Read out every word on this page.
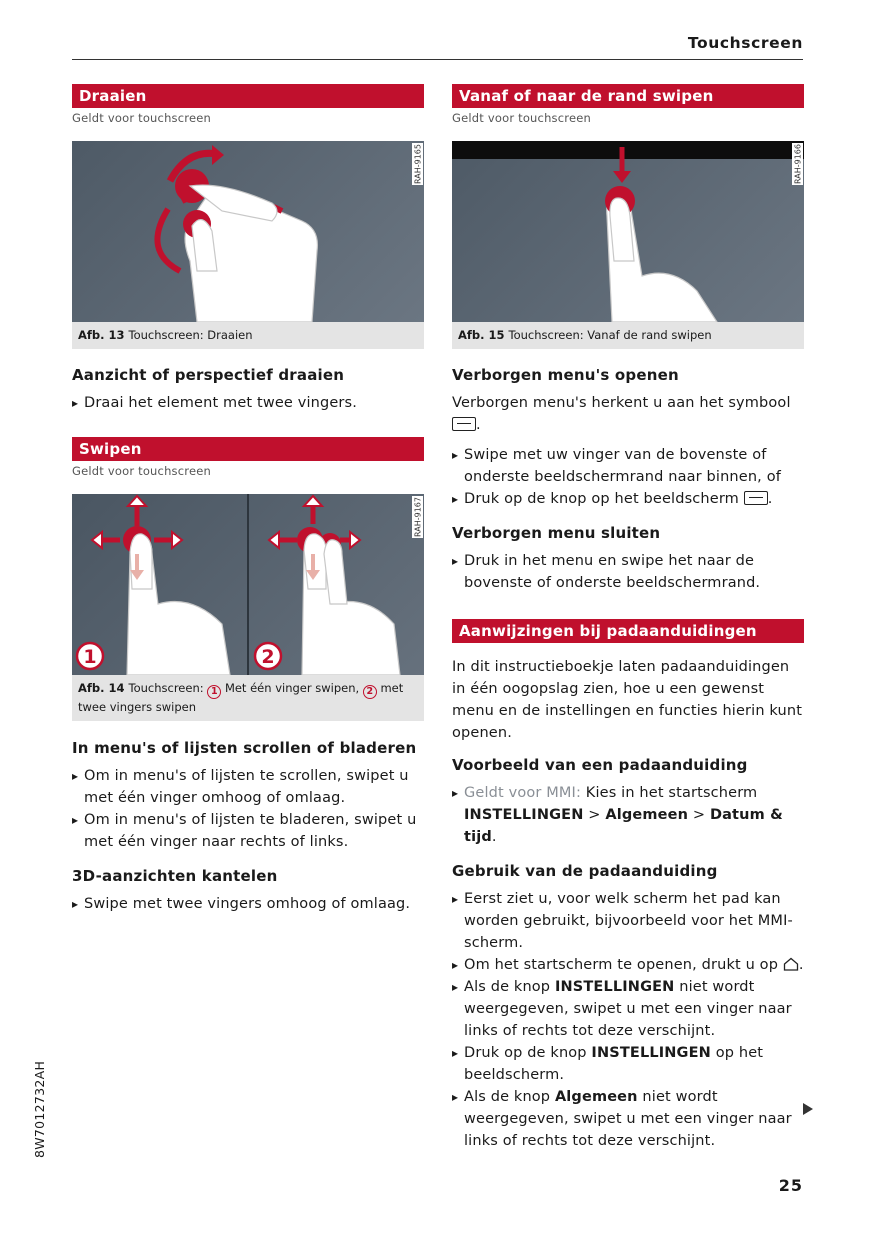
Touchscreen
Draaien
Geldt voor touchscreen
RAH-9165
Afb. 13 Touchscreen: Draaien
Aanzicht of perspectief draaien
▸ Draai het element met twee vingers.
Swipen
Geldt voor touchscreen
1	2
RAH-9167
Afb. 14 Touchscreen: 1 Met één vinger swipen, 2 met twee vingers swipen
In menu's of lijsten scrollen of bladeren
▸ Om in menu's of lijsten te scrollen, swipet u met één vinger omhoog of omlaag.
▸ Om in menu's of lijsten te bladeren, swipet u met één vinger naar rechts of links.
3D-aanzichten kantelen
▸ Swipe met twee vingers omhoog of omlaag.
Vanaf of naar de rand swipen
Geldt voor touchscreen
RAH-9166
Afb. 15 Touchscreen: Vanaf de rand swipen
Verborgen menu's openen

Verborgen menu's herkent u aan het symbool .

▸ Swipe met uw vinger van de bovenste of onderste beeldschermrand naar binnen, of
▸ Druk op de knop op het beeldscherm .
Verborgen menu sluiten
▸ Druk in het menu en swipe het naar de bovenste of onderste beeldschermrand.
Aanwijzingen bij padaanduidingen

In dit instructieboekje laten padaanduidingen in één oogopslag zien, hoe u een gewenst menu en de instellingen en functies hierin kunt openen.

Voorbeeld van een padaanduiding
▸ Geldt voor MMI: Kies in het startscherm INSTELLINGEN > Algemeen > Datum & tijd.
Gebruik van de padaanduiding
▸ Eerst ziet u, voor welk scherm het pad kan worden gebruikt, bijvoorbeeld voor het MMI-scherm.
▸ Om het startscherm te openen, drukt u op .
▸ Als de knop INSTELLINGEN niet wordt weergegeven, swipet u met een vinger naar links of rechts tot deze verschijnt.
▸ Druk op de knop INSTELLINGEN op het beeldscherm.
▸ Als de knop Algemeen niet wordt weergegeven, swipet u met een vinger naar links of rechts tot deze verschijnt.
8W7012732AH
25
